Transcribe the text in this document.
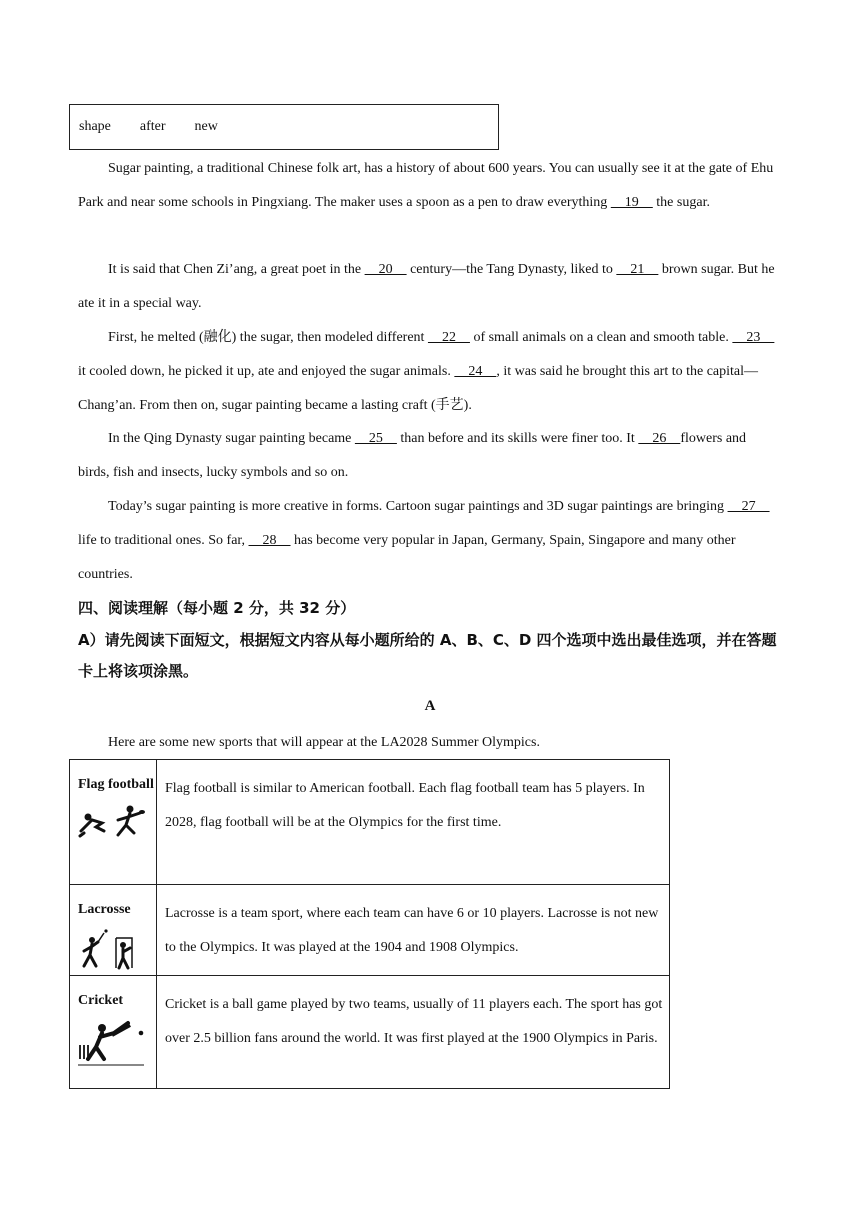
shape after new
Sugar painting, a traditional Chinese folk art, has a history of about 600 years. You can usually see it at the gate of Ehu Park and near some schools in Pingxiang. The maker uses a spoon as a pen to draw everything     19     the sugar.
It is said that Chen Zi’ang, a great poet in the     20     century—the Tang Dynasty, liked to     21     brown sugar. But he ate it in a special way.
First, he melted (融化) the sugar, then modeled different     22     of small animals on a clean and smooth table.     23     it cooled down, he picked it up, ate and enjoyed the sugar animals.     24    , it was said he brought this art to the capital—Chang’an. From then on, sugar painting became a lasting craft (手艺).
In the Qing Dynasty sugar painting became     25     than before and its skills were finer too. It     26    flowers and birds, fish and insects, lucky symbols and so on.
Today’s sugar painting is more creative in forms. Cartoon sugar paintings and 3D sugar paintings are bringing     27     life to traditional ones. So far,     28     has become very popular in Japan, Germany, Spain, Singapore and many other countries.
四、阅读理解（每小题 2 分，共 32 分）
A）请先阅读下面短文，根据短文内容从每小题所给的 A、B、C、D 四个选项中选出最佳选项，并在答题卡上将该项涂黑。
A
Here are some new sports that will appear at the LA2028 Summer Olympics.
Flag football	Flag football is similar to American football. Each flag football team has 5 players. In 2028, flag football will be at the Olympics for the first time.

Lacrosse	Lacrosse is a team sport, where each team can have 6 or 10 players. Lacrosse is not new to the Olympics. It was played at the 1904 and 1908 Olympics.

Cricket	Cricket is a ball game played by two teams, usually of 11 players each. The sport has got over 2.5 billion fans around the world. It was first played at the 1900 Olympics in Paris.
